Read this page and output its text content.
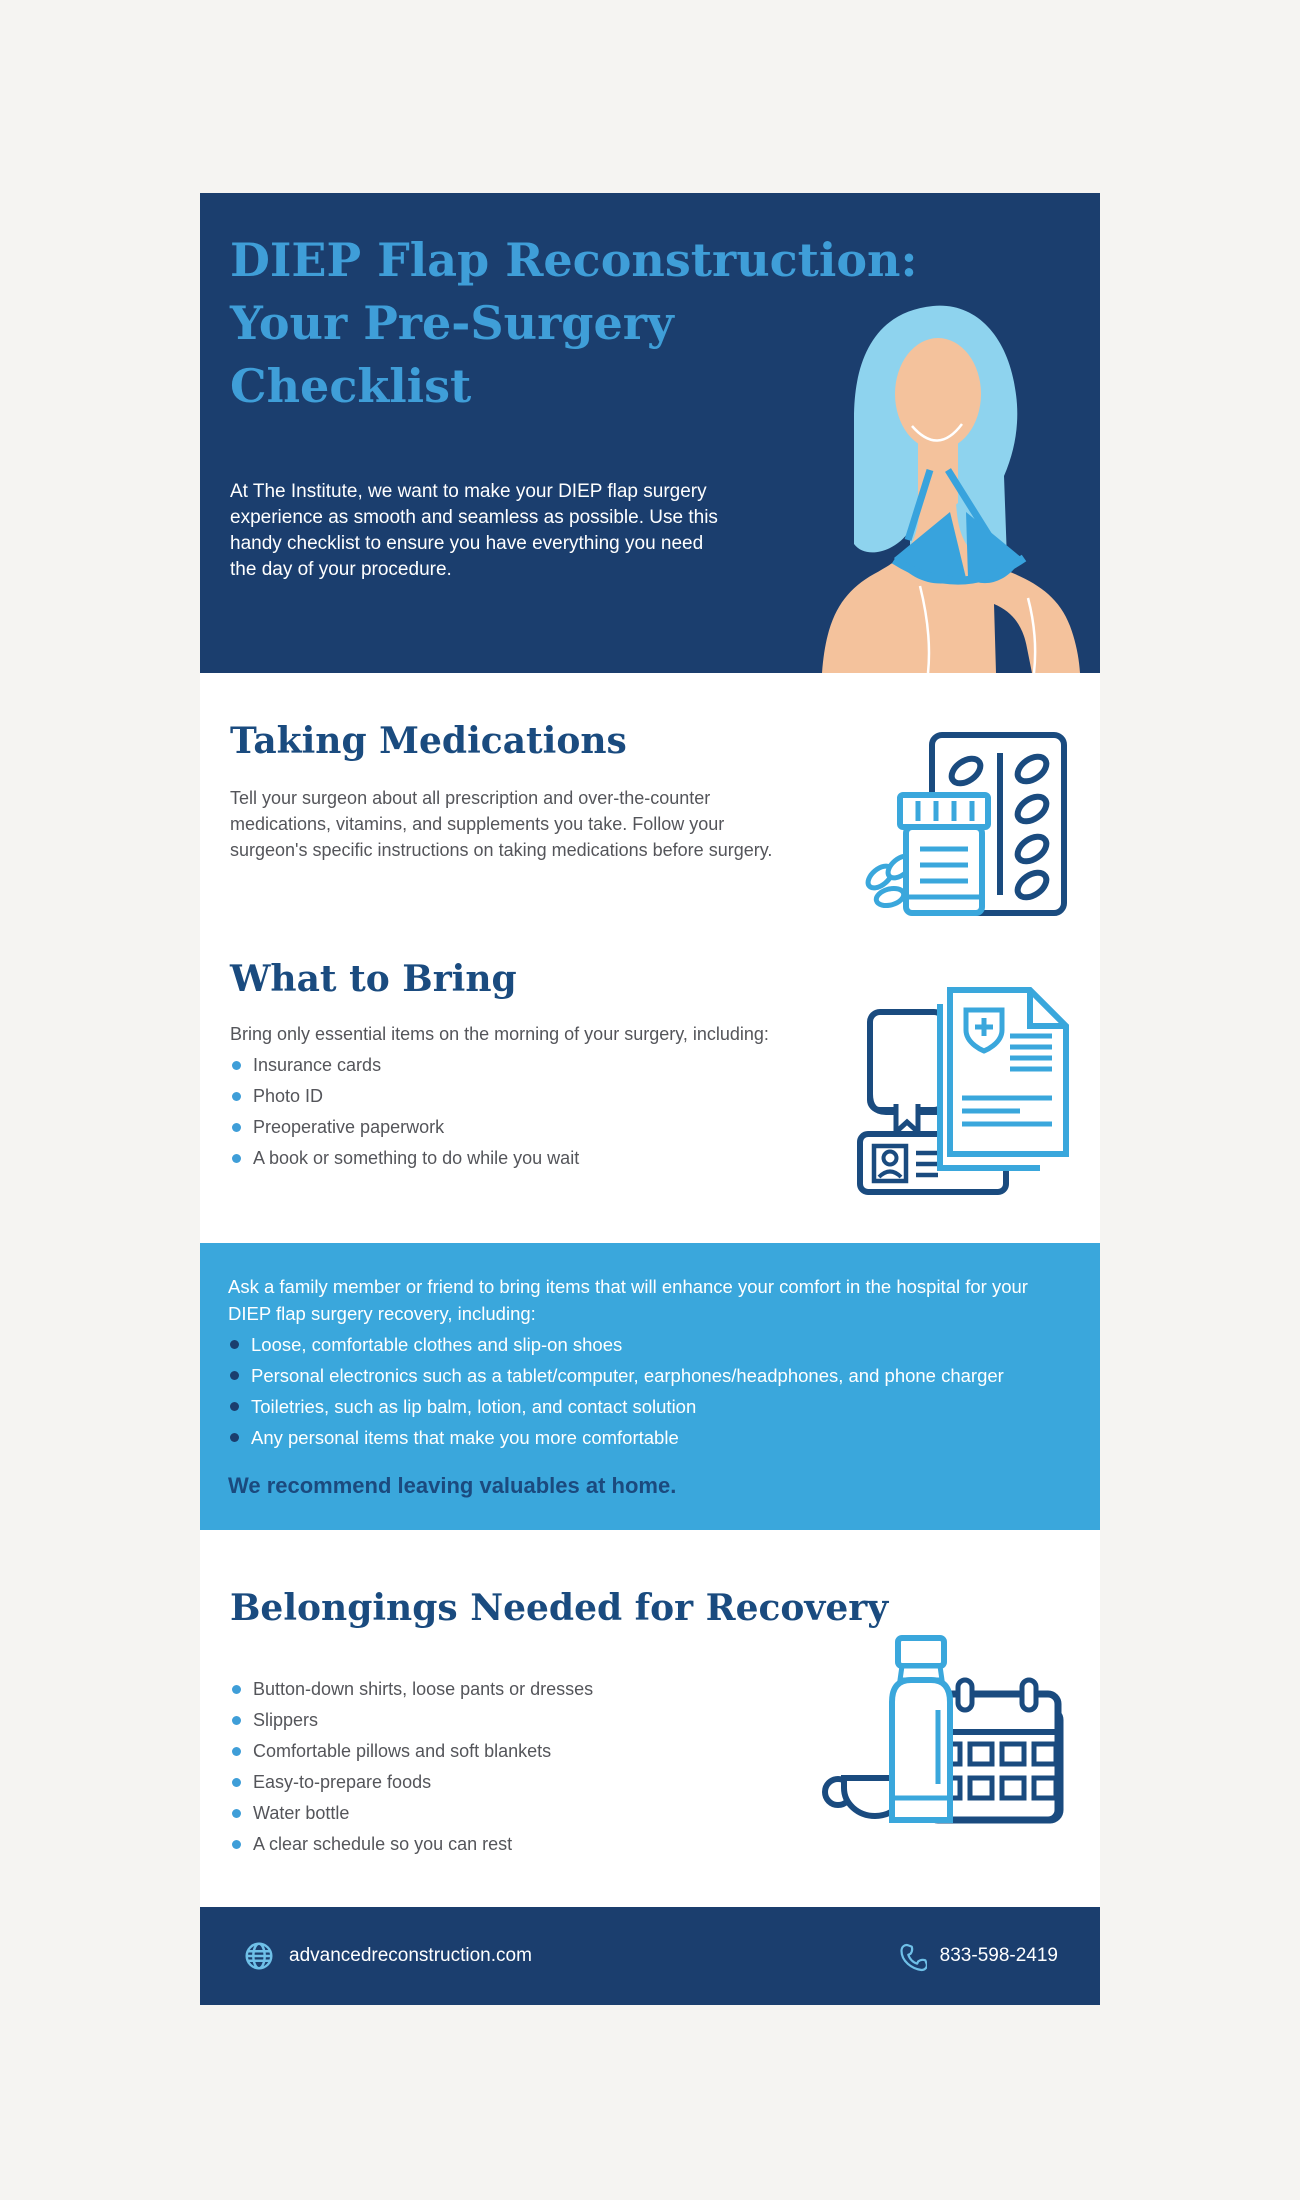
DIEP Flap Reconstruction:
Your Pre-Surgery
Checklist

At The Institute, we want to make your DIEP flap surgery experience as smooth and seamless as possible. Use this handy checklist to ensure you have everything you need the day of your procedure.

Taking Medications

Tell your surgeon about all prescription and over-the-counter medications, vitamins, and supplements you take. Follow your surgeon's specific instructions on taking medications before surgery.

What to Bring

Bring only essential items on the morning of your surgery, including:

Insurance cards
Photo ID
Preoperative paperwork
A book or something to do while you wait

Ask a family member or friend to bring items that will enhance your comfort in the hospital for your DIEP flap surgery recovery, including:

Loose, comfortable clothes and slip-on shoes
Personal electronics such as a tablet/computer, earphones/headphones, and phone charger
Toiletries, such as lip balm, lotion, and contact solution
Any personal items that make you more comfortable

We recommend leaving valuables at home.

Belongings Needed for Recovery
Button-down shirts, loose pants or dresses
Slippers
Comfortable pillows and soft blankets
Easy-to-prepare foods
Water bottle
A clear schedule so you can rest
advancedreconstruction.com	833-598-2419
